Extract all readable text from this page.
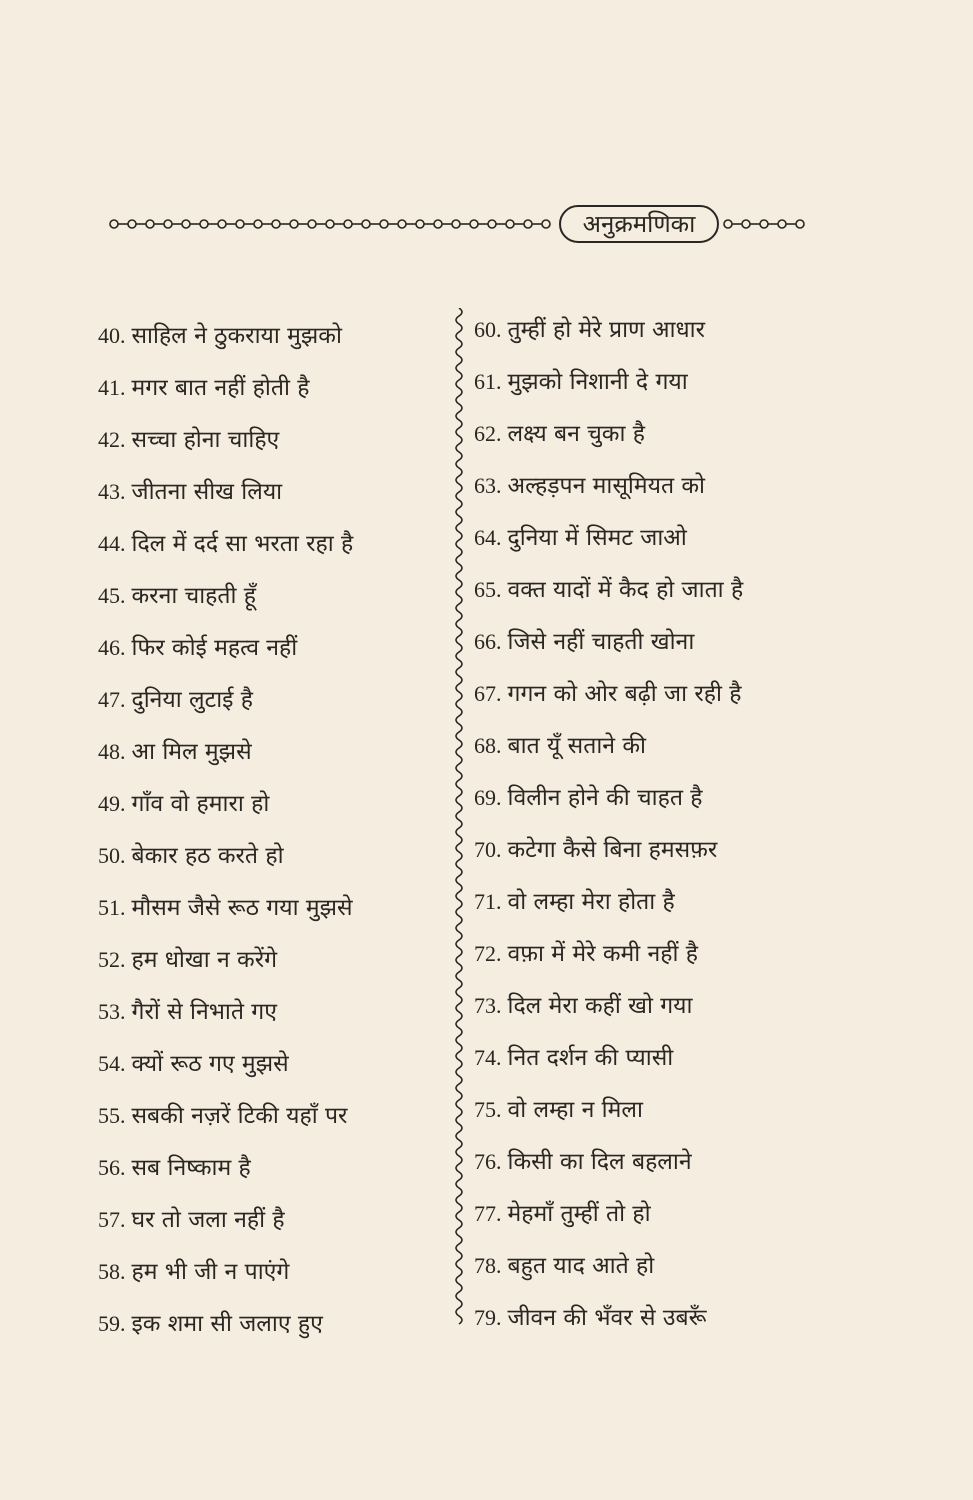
अनुक्रमणिका
40. साहिल ने ठुकराया मुझको
41. मगर बात नहीं होती है
42. सच्चा होना चाहिए
43. जीतना सीख लिया
44. दिल में दर्द सा भरता रहा है
45. करना चाहती हूँ
46. फिर कोई महत्व नहीं
47. दुनिया लुटाई है
48. आ मिल मुझसे
49. गाँव वो हमारा हो
50. बेकार हठ करते हो
51. मौसम जैसे रूठ गया मुझसे
52. हम धोखा न करेंगे
53. गैरों से निभाते गए
54. क्यों रूठ गए मुझसे
55. सबकी नज़रें टिकी यहाँ पर
56. सब निष्काम है
57. घर तो जला नहीं है
58. हम भी जी न पाएंगे
59. इक शमा सी जलाए हुए
60. तुम्हीं हो मेरे प्राण आधार
61. मुझको निशानी दे गया
62. लक्ष्य बन चुका है
63. अल्हड़पन मासूमियत को
64. दुनिया में सिमट जाओ
65. वक्त यादों में कैद हो जाता है
66. जिसे नहीं चाहती खोना
67. गगन को ओर बढ़ी जा रही है
68. बात यूँ सताने की
69. विलीन होने की चाहत है
70. कटेगा कैसे बिना हमसफ़र
71. वो लम्हा मेरा होता है
72. वफ़ा में मेरे कमी नहीं है
73. दिल मेरा कहीं खो गया
74. नित दर्शन की प्यासी
75. वो लम्हा न मिला
76. किसी का दिल बहलाने
77. मेहमाँ तुम्हीं तो हो
78. बहुत याद आते हो
79. जीवन की भँवर से उबरूँ
